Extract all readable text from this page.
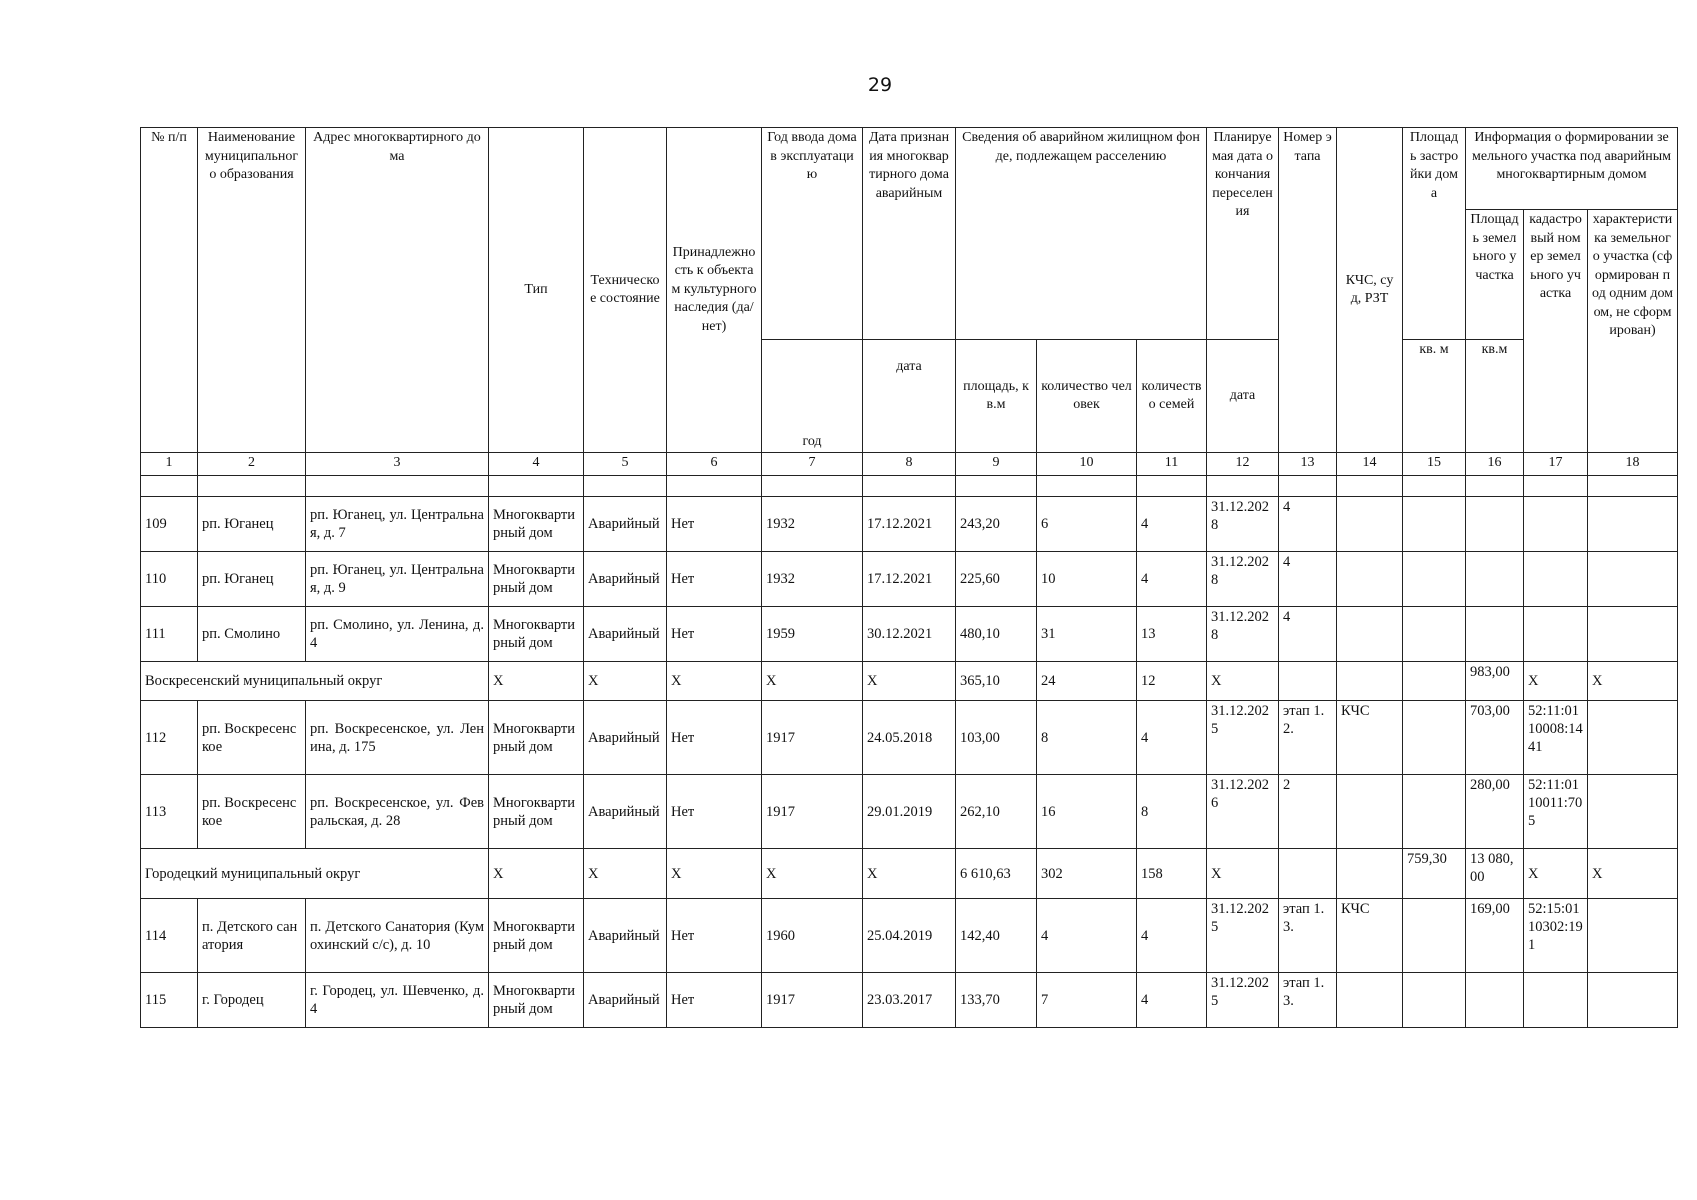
29
№ п/п	Наименование муниципального образования	Адрес многоквартирного дома	Тип	Техническое состояние	Принадлежность к объектам культурного наследия (да/нет)	Год ввода дома в эксплуатацию	Дата признания многоквартирного дома аварийным	Сведения об аварийном жилищном фонде, подлежащем расселению			Планируемая дата окончания переселения	Номер этапа	КЧС, суд, РЗТ	Площадь застройки дома	Информация о формировании земельного участка под аварийным многоквартирным домом		
															Площадь земельного участка	кадастровый номер земельного участка	характеристика земельного участка (сформирован под одним домом, не сформирован)
						год	дата	площадь, кв.м	количество человек	количество семей	дата			кв. м	кв.м		
1	2	3	4	5	6	7	8	9	10	11	12	13	14	15	16	17	18

109	рп. Юганец	рп. Юганец, ул. Центральная, д. 7	Многоквартирный дом	Аварийный	Нет	1932	17.12.2021	243,20	6	4	31.12.2028	4					
110	рп. Юганец	рп. Юганец, ул. Центральная, д. 9	Многоквартирный дом	Аварийный	Нет	1932	17.12.2021	225,60	10	4	31.12.2028	4					
111	рп. Смолино	рп. Смолино, ул. Ленина, д. 4	Многоквартирный дом	Аварийный	Нет	1959	30.12.2021	480,10	31	13	31.12.2028	4					
Воскресенский муниципальный округ			X	X	X	X	X	365,10	24	12	X				983,00	X	X
112	рп. Воскресенское	рп. Воскресенское, ул. Ленина, д. 175	Многоквартирный дом	Аварийный	Нет	1917	24.05.2018	103,00	8	4	31.12.2025	этап 1.2.	КЧС		703,00	52:11:0110008:1441	
113	рп. Воскресенское	рп. Воскресенское, ул. Февральская, д. 28	Многоквартирный дом	Аварийный	Нет	1917	29.01.2019	262,10	16	8	31.12.2026	2			280,00	52:11:0110011:705	
Городецкий муниципальный округ			X	X	X	X	X	6 610,63	302	158	X			759,30	13 080,00	X	X
114	п. Детского санатория	п. Детского Санатория (Кумохинский с/с), д. 10	Многоквартирный дом	Аварийный	Нет	1960	25.04.2019	142,40	4	4	31.12.2025	этап 1.3.	КЧС		169,00	52:15:0110302:191	
115	г. Городец	г. Городец, ул. Шевченко, д. 4	Многоквартирный дом	Аварийный	Нет	1917	23.03.2017	133,70	7	4	31.12.2025	этап 1.3.					
